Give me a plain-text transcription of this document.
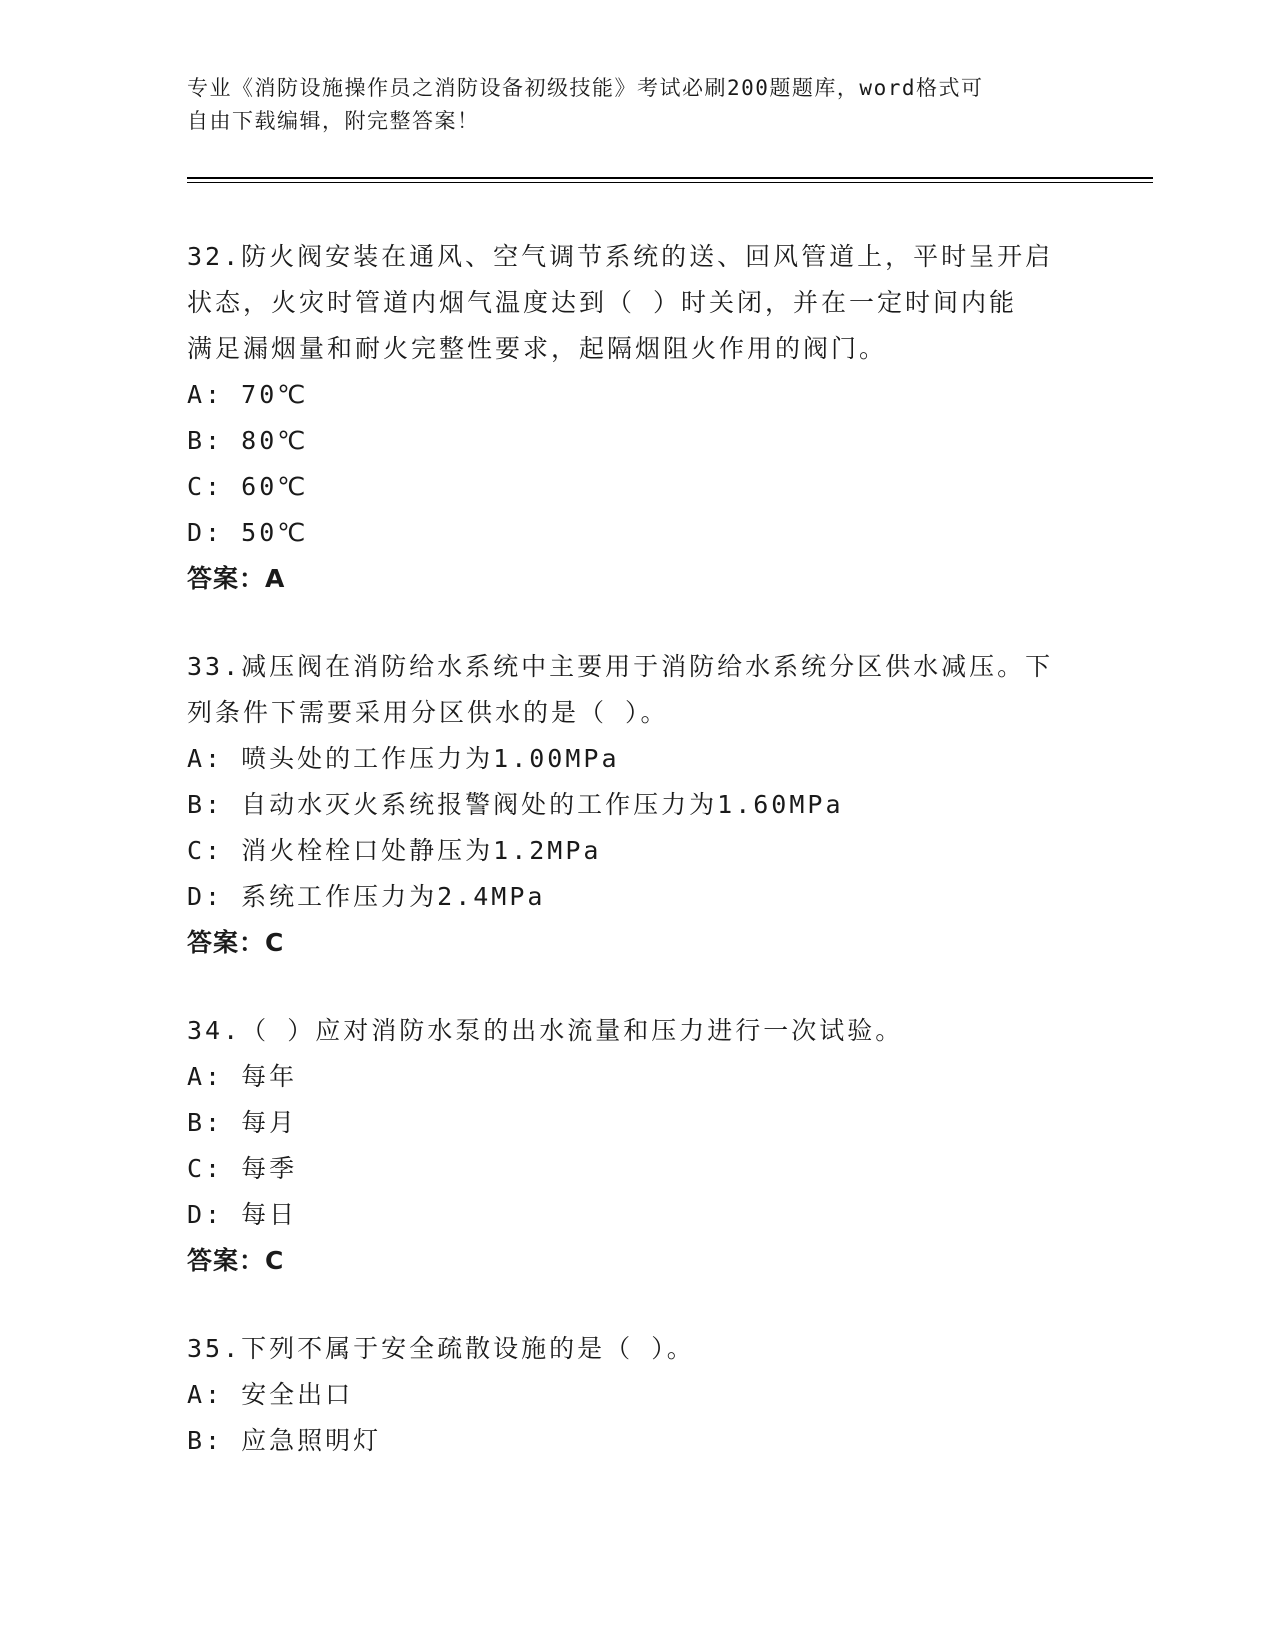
专业《消防设施操作员之消防设备初级技能》考试必刷200题题库，word格式可
自由下载编辑，附完整答案！
32.防火阀安装在通风、空气调节系统的送、回风管道上，平时呈开启
状态，火灾时管道内烟气温度达到（ ）时关闭，并在一定时间内能
满足漏烟量和耐火完整性要求，起隔烟阻火作用的阀门。
A: 70℃
B: 80℃
C: 60℃
D: 50℃
答案：A
33.减压阀在消防给水系统中主要用于消防给水系统分区供水减压。下
列条件下需要采用分区供水的是（ ）。
A: 喷头处的工作压力为1.00MPa
B: 自动水灭火系统报警阀处的工作压力为1.60MPa
C: 消火栓栓口处静压为1.2MPa
D: 系统工作压力为2.4MPa
答案：C
34.（ ）应对消防水泵的出水流量和压力进行一次试验。
A: 每年
B: 每月
C: 每季
D: 每日
答案：C
35.下列不属于安全疏散设施的是（ ）。
A: 安全出口
B: 应急照明灯
